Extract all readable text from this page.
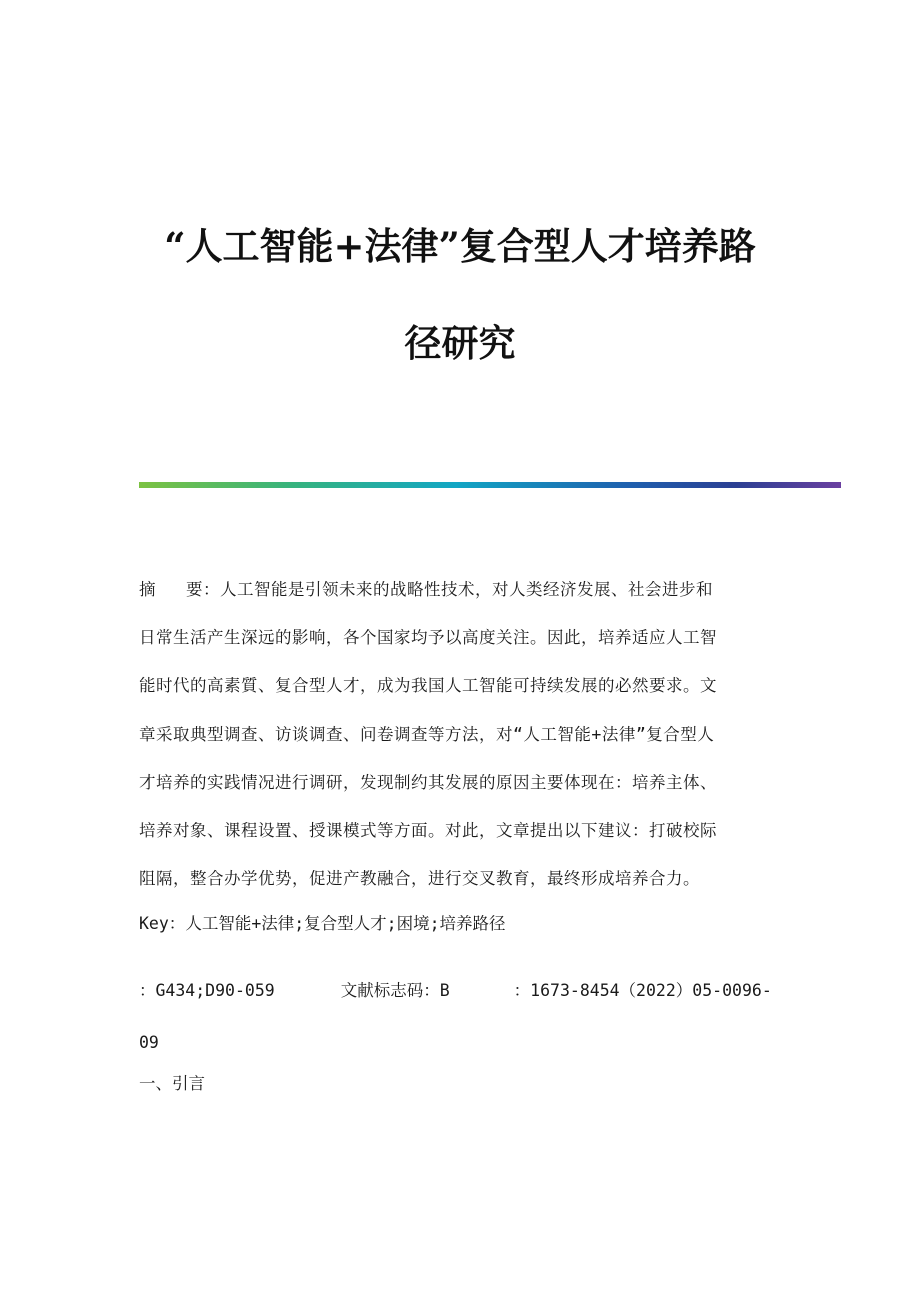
“人工智能+法律”复合型人才培养路
径研究

摘 要：人工智能是引领未来的战略性技术，对人类经济发展、社会进步和

日常生活产生深远的影响，各个国家均予以高度关注。因此，培养适应人工智

能时代的高素質、复合型人才，成为我国人工智能可持续发展的必然要求。文

章采取典型调查、访谈调查、问卷调查等方法，对“人工智能+法律”复合型人

才培养的实践情况进行调研，发现制约其发展的原因主要体现在：培养主体、

培养对象、课程设置、授课模式等方面。对此，文章提出以下建议：打破校际

阻隔，整合办学优势，促进产教融合，进行交叉教育，最终形成培养合力。

Key：人工智能+法律;复合型人才;困境;培养路径
：G434;D90-059	文献标志码：B	：1673-8454（2022）05-0096-
09
一、引言
